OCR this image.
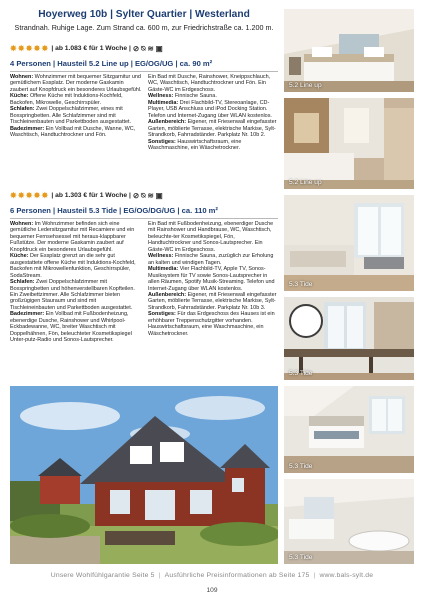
Hoyerweg 10b | Sylter Quartier | Westerland
Strandnah. Ruhige Lage. Zum Strand ca. 600 m, zur Friedrichstraße ca. 1.200 m.
✸ ✸ ✸ ✸ ✸ | ab 1.083 € für 1 Woche | ⊘ ⍉ ≋ ▣
4 Personen | Hausteil 5.2 Line up | EG/OG/UG | ca. 90 m²

Wohnen: Wohnzimmer mit bequemer Sitzgarnitur und gemütlichem Essplatz. Der moderne Gaskamin zaubert auf Knopfdruck ein besonderes Urlaubsgefühl.

Küche: Offene Küche mit Induktions-Kochfeld, Backofen, Mikrowelle, Geschirrspüler.

Schlafen: Zwei Doppelschlafzimmer, eines mit Boxspringbetten. Alle Schlafzimmer sind mit Tischleinenbauten und Parkettboden ausgestattet.

Badezimmer: Ein Vollbad mit Dusche, Wanne, WC, Waschtisch, Handtuchtrockner und Fön.

Ein Bad mit Dusche, Rainshower, Kneippschlauch, WC, Waschtisch, Handtuchtrockner und Fön. Ein Gäste-WC im Erdgeschoss.

Wellness: Finnische Sauna.

Multimedia: Drei Flachbild-TV, Stereoanlage, CD-Player, USB Anschluss und iPod Docking Station. Telefon und Internet-Zugang über WLAN kostenlos.

Außenbereich: Eigener, mit Friesenwall eingefasster Garten, möblierte Terrasse, elektrische Markise, Sylt-Strandkorb, Fahrradständer. Parkplatz Nr. 10b 2.

Sonstiges: Hauswirtschaftsraum, eine Waschmaschine, ein Wäschetrockner.

✸ ✸ ✸ ✸ ✸ | ab 1.303 € für 1 Woche | ⊘ ⍉ ≋ ▣
6 Personen | Hausteil 5.3 Tide | EG/OG/DG/UG | ca. 110 m²

Wohnen: Im Wohnzimmer befinden sich eine gemütliche Ledersitzgarnitur mit Recamiere und ein bequemer Fernsehsessel mit heraus-klappbarer Fußstütze. Der moderne Gaskamin zaubert auf Knopfdruck ein besonderes Urlaubsgefühl.

Küche: Der Essplatz grenzt an die sehr gut ausgestattete offene Küche mit Induktions-Kochfeld, Backofen mit Mikrowellenfunktion, Geschirrspüler, SodaStream.

Schlafen: Zwei Doppelschlafzimmer mit Boxspringbetten und höhenverstellbaren Kopfteilen. Ein Zweibettzimmer. Alle Schlafzimmer bieten großzügigen Stauraum und sind mit Tischleineinbauten und Parkettboden ausgestattet.

Badezimmer: Ein Vollbad mit Fußbodenheizung, ebenerdige Dusche, Rainshower und Whirlpool-Eckbadewanne, WC, breiter Waschtisch mit Doppelhähnen, Fön, beleuchteter Kosmetikspiegel Unter-putz-Radio und Sonos-Lautsprecher.

Ein Bad mit Fußbodenheizung, ebenerdiger Dusche mit Rainshower und Handbrause, WC, Waschtisch, beleuchte-ter Kosmetikspiegel, Fön, Handtuchtrockner und Sonos-Lautsprecher. Ein Gäste-WC im Erdgeschoss.

Wellness: Finnische Sauna, zuzüglich zur Erholung an kalten und windigen Tagen.

Multimedia: Vier Flachbild-TV, Apple TV, Sonos-Musiksystem für TV sowie Sonos-Lautsprecher in allen Räumen, Spotify Musik-Streaming. Telefon und Internet-Zugang über WLAN kostenlos.

Außenbereich: Eigener, mit Friesenwall eingefasster Garten, möblierte Terrasse, elektrische Markise, Sylt-Strandkorb, Fahrradständer. Parkplatz Nr. 10b 3.

Sonstiges: Für das Erdgeschoss des Hauses ist ein erhöhbarer Treppenschutzgitter vorhanden. Hauswirtschaftsraum, eine Waschmaschine, ein Wäschetrockner.

5.2 Line up
5.2 Line up
5.3 Tide
5.3 Tide
5.3 Tide
5.3 Tide
Unsere Wohlfühlgarantie Seite 5 | Ausführliche Preisinformationen ab Seite 175 | www.bals-sylt.de
109
